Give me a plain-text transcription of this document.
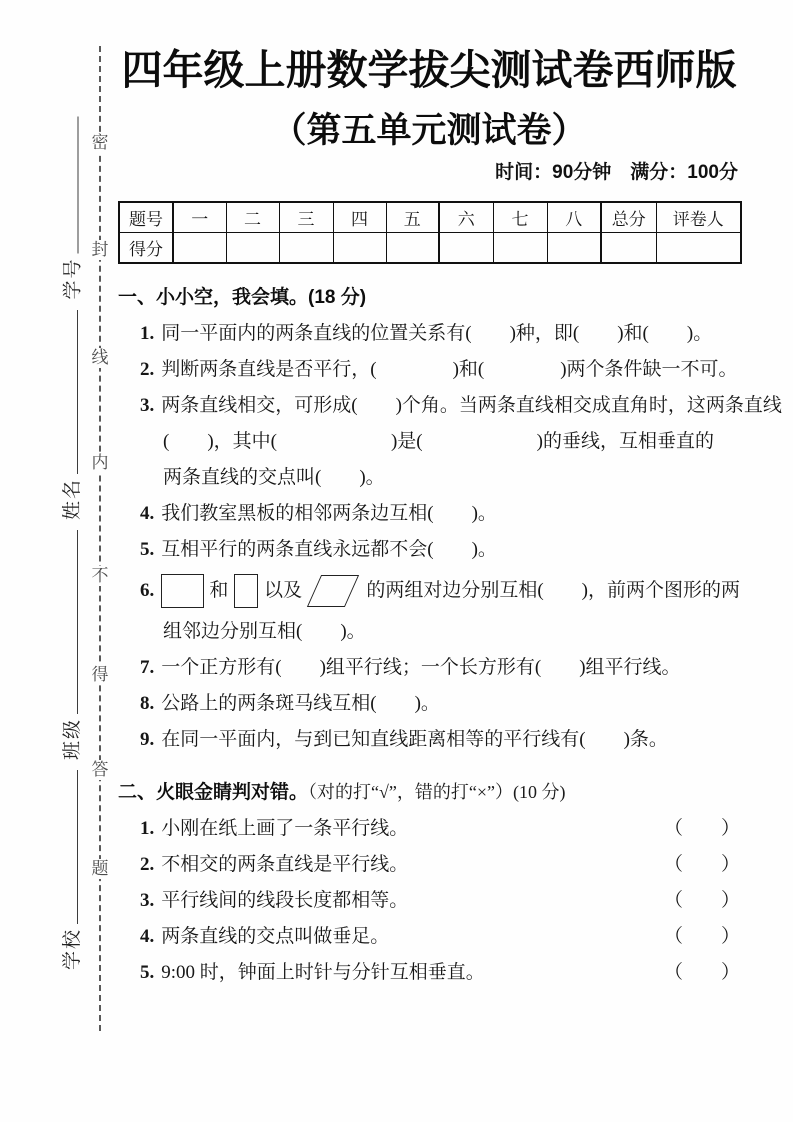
密
封
线
内
不
得
答
题
学号
姓名
班级
学校
四年级上册数学拔尖测试卷西师版
（第五单元测试卷）
时间：90分钟　满分：100分
题号	一	二	三	四	五	六	七	八	总分	评卷人
得分										
一、小小空，我会填。(18 分)
1. 同一平面内的两条直线的位置关系有(　　)种，即(　　)和(　　)。
2. 判断两条直线是否平行，(　　　　)和(　　　　)两个条件缺一不可。
3. 两条直线相交，可形成(　　)个角。当两条直线相交成直角时，这两条直线
(　　)，其中(　　　　　　)是(　　　　　　)的垂线，互相垂直的
两条直线的交点叫(　　)。
4. 我们教室黑板的相邻两条边互相(　　)。
5. 互相平行的两条直线永远都不会(　　)。
6.	和 以及	的两组对边分别互相(　　)，前两个图形的两
组邻边分别互相(　　)。
7. 一个正方形有(　　)组平行线；一个长方形有(　　)组平行线。
8. 公路上的两条斑马线互相(　　)。
9. 在同一平面内，与到已知直线距离相等的平行线有(　　)条。
二、火眼金睛判对错。（对的打“√”，错的打“×”）(10 分)
1. 小刚在纸上画了一条平行线。	（　　）
2. 不相交的两条直线是平行线。	（　　）
3. 平行线间的线段长度都相等。	（　　）
4. 两条直线的交点叫做垂足。	（　　）
5. 9:00 时，钟面上时针与分针互相垂直。	（　　）
